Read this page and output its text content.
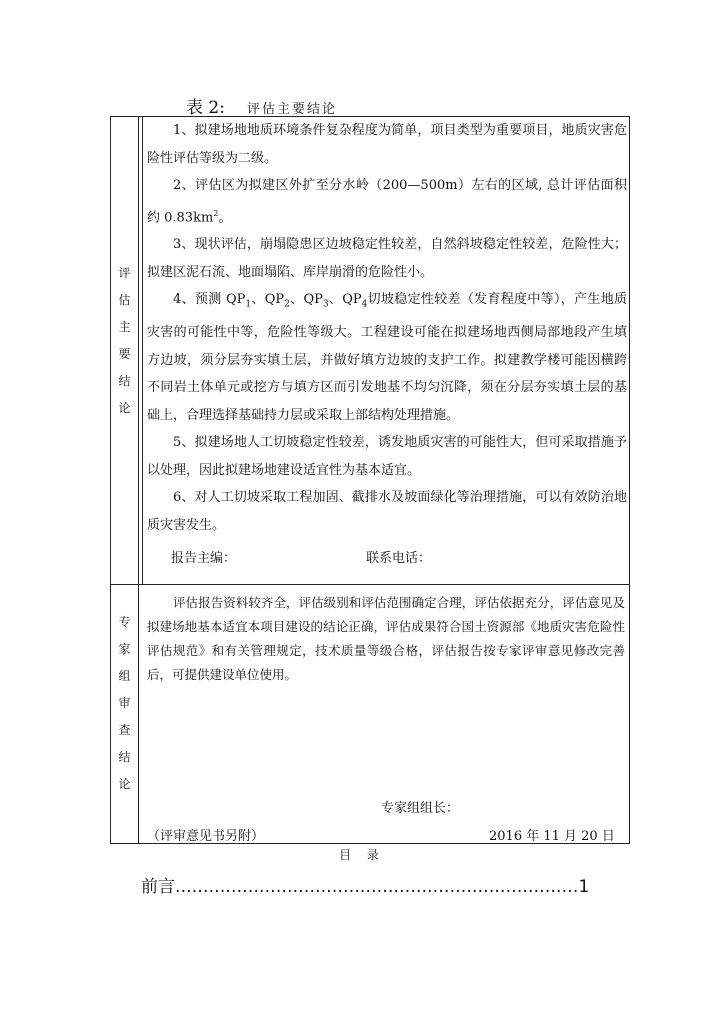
表 2: 评估主要结论
评
估
主
要
结
论

1、拟建场地地质环境条件复杂程度为简单，项目类型为重要项目，地质灾害危险性评估等级为二级。

2、评估区为拟建区外扩至分水岭（200—500m）左右的区域, 总计评估面积约 $0.83km^2$。

3、现状评估，崩塌隐患区边坡稳定性较差，自然斜坡稳定性较差，危险性大；拟建区泥石流、地面塌陷、库岸崩滑的危险性小。

4、预测 $QP_1$、$QP_2$、$QP_3$、$QP_4$切坡稳定性较差（发育程度中等），产生地质灾害的可能性中等，危险性等级大。工程建设可能在拟建场地西侧局部地段产生填方边坡，须分层夯实填土层，并做好填方边坡的支护工作。拟建教学楼可能因横跨不同岩土体单元或挖方与填方区而引发地基不均匀沉降，须在分层夯实填土层的基础上，合理选择基础持力层或采取上部结构处理措施。

5、拟建场地人工切坡稳定性较差，诱发地质灾害的可能性大，但可采取措施予以处理，因此拟建场地建设适宜性为基本适宜。

6、对人工切坡采取工程加固、截排水及坡面绿化等治理措施，可以有效防治地质灾害发生。

报告主编：	联系电话：
专
家
组
审
查
结
论

评估报告资料较齐全，评估级别和评估范围确定合理，评估依据充分，评估意见及拟建场地基本适宜本项目建设的结论正确，评估成果符合国土资源部《地质灾害危险性评估规范》和有关管理规定，技术质量等级合格，评估报告按专家评审意见修改完善后，可提供建设单位使用。

专家组组长：
（评审意见书另附）	2016 年 11 月 20 日
目 录
前言........................................................................1
